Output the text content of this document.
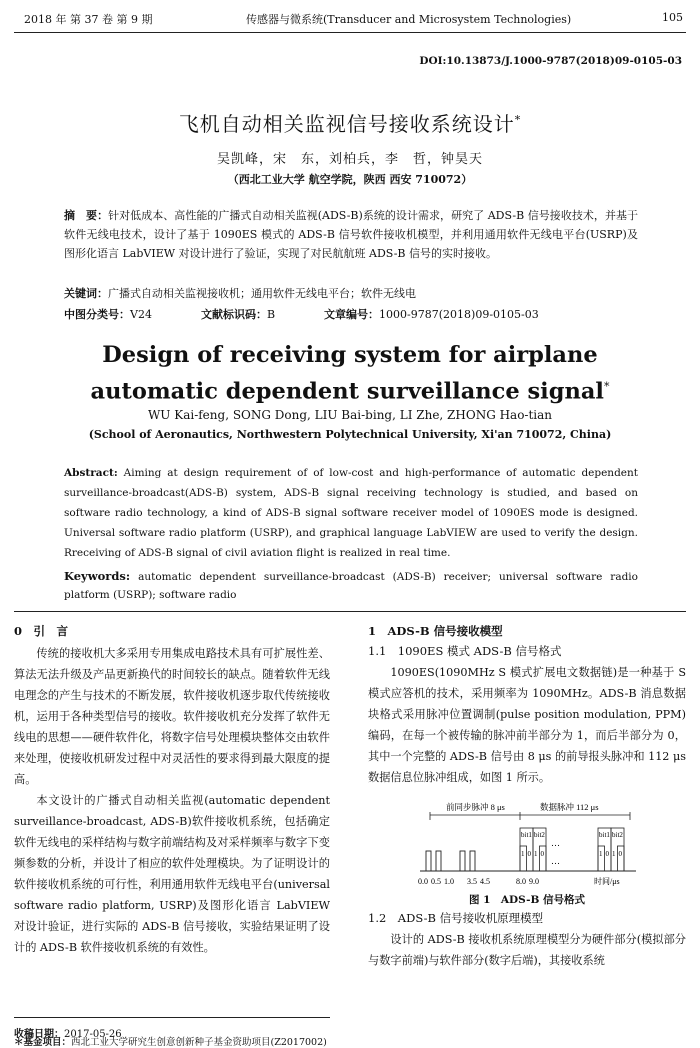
2018 年 第 37 卷 第 9 期	传感器与微系统(Transducer and Microsystem Technologies)	105
DOI:10.13873/J.1000-9787(2018)09-0105-03
飞机自动相关监视信号接收系统设计*
吴凯峰，宋　东，刘柏兵，李　哲，钟昊天
（西北工业大学 航空学院，陕西 西安 710072）
摘　要：针对低成本、高性能的广播式自动相关监视(ADS-B)系统的设计需求，研究了 ADS-B 信号接收技术，并基于软件无线电技术，设计了基于 1090ES 模式的 ADS-B 信号软件接收机模型，并利用通用软件无线电平台(USRP)及图形化语言 LabVIEW 对设计进行了验证，实现了对民航航班 ADS-B 信号的实时接收。
关键词：广播式自动相关监视接收机；通用软件无线电平台；软件无线电
中图分类号：V24	文献标识码：B	文章编号：1000-9787(2018)09-0105-03
Design of receiving system for airplane automatic dependent surveillance signal*
WU Kai-feng, SONG Dong, LIU Bai-bing, LI Zhe, ZHONG Hao-tian
(School of Aeronautics, Northwestern Polytechnical University, Xi'an 710072, China)
Abstract: Aiming at design requirement of of low-cost and high-performance of automatic dependent surveillance-broadcast(ADS-B) system, ADS-B signal receiving technology is studied, and based on software radio technology, a kind of ADS-B signal software receiver model of 1090ES mode is designed. Universal software radio platform (USRP), and graphical language LabVIEW are used to verify the design. Rreceiving of ADS-B signal of civil aviation flight is realized in real time.
Keywords: automatic dependent surveillance-broadcast (ADS-B) receiver; universal software radio platform (USRP); software radio
0　引　言

传统的接收机大多采用专用集成电路技术具有可扩展性差、算法无法升级及产品更新换代的时间较长的缺点。随着软件无线电理念的产生与技术的不断发展，软件接收机逐步取代传统接收机，运用于各种类型信号的接收。软件接收机充分发挥了软件无线电的思想——硬件软件化，将数字信号处理模块整体交由软件来处理，使接收机研发过程中对灵活性的要求得到最大限度的提高。

本文设计的广播式自动相关监视(automatic dependent surveillance-broadcast, ADS-B)软件接收机系统，包括确定软件无线电的采样结构与数字前端结构及对采样频率与数字下变频参数的分析，并设计了相应的软件处理模块。为了证明设计的软件接收机系统的可行性，利用通用软件无线电平台(universal software radio platform, USRP)及图形化语言 LabVIEW 对设计验证，进行实际的 ADS-B 信号接收，实验结果证明了设计的 ADS-B 软件接收机系统的有效性。

1　ADS-B 信号接收模型
1.1　1090ES 模式 ADS-B 信号格式

1090ES(1090MHz S 模式扩展电文数据链)是一种基于 S 模式应答机的技术，采用频率为 1090MHz。ADS-B 消息数据块格式采用脉冲位置调制(pulse position modulation, PPM)编码，在每一个被传输的脉冲前半部分为 1，而后半部分为 0，其中一个完整的 ADS-B 信号由 8 μs 的前导报头脉冲和 112 μs 数据信息位脉冲组成，如图 1 所示。

前同步脉冲 8 μs	数据脉冲 112 μs
bit1 bit2
1 0 1 0
…
…
bit1 bit2
1 0 1 0
0.0 0.5 1.0 3.5 4.5	8.0 9.0	时间/μs
图 1　ADS-B 信号格式
1.2　ADS-B 信号接收机原理模型

设计的 ADS-B 接收机系统原理模型分为硬件部分(模拟部分与数字前端)与软件部分(数字后端)，其接收系统

收稿日期：2017-05-26
＊基金项目：西北工业大学研究生创意创新种子基金资助项目(Z2017002)
